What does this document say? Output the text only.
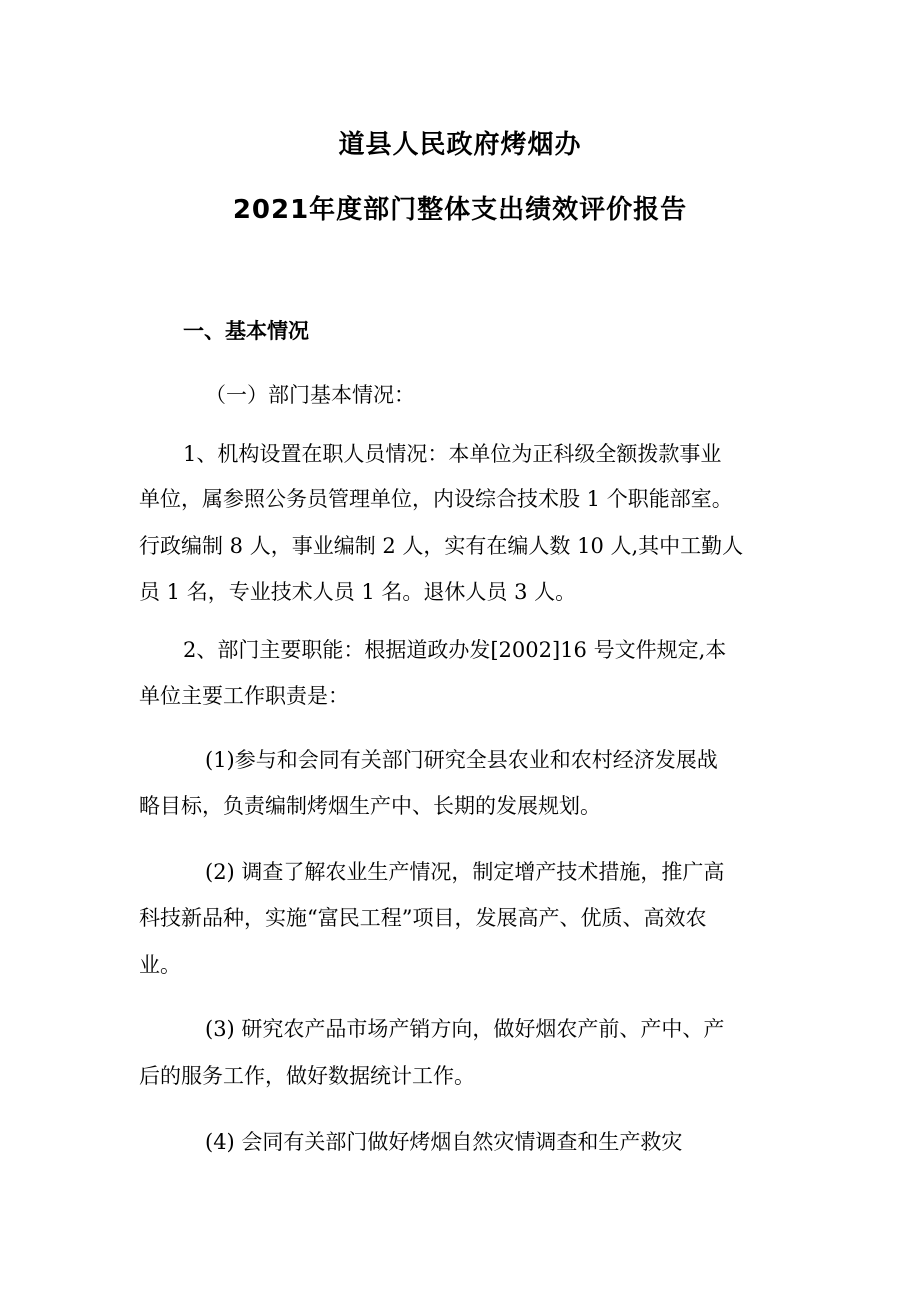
道县人民政府烤烟办
2021年度部门整体支出绩效评价报告
一、基本情况
（一）部门基本情况：
1、机构设置在职人员情况：本单位为正科级全额拨款事业
单位，属参照公务员管理单位，内设综合技术股 1 个职能部室。
行政编制 8 人，事业编制 2 人，实有在编人数 10 人,其中工勤人
员 1 名，专业技术人员 1 名。退休人员 3 人。
2、部门主要职能：根据道政办发[2002]16 号文件规定,本
单位主要工作职责是：
(1)参与和会同有关部门研究全县农业和农村经济发展战
略目标，负责编制烤烟生产中、长期的发展规划。
(2) 调查了解农业生产情况，制定增产技术措施，推广高
科技新品种，实施“富民工程”项目，发展高产、优质、高效农
业。
(3) 研究农产品市场产销方向，做好烟农产前、产中、产
后的服务工作，做好数据统计工作。
(4) 会同有关部门做好烤烟自然灾情调查和生产救灾
